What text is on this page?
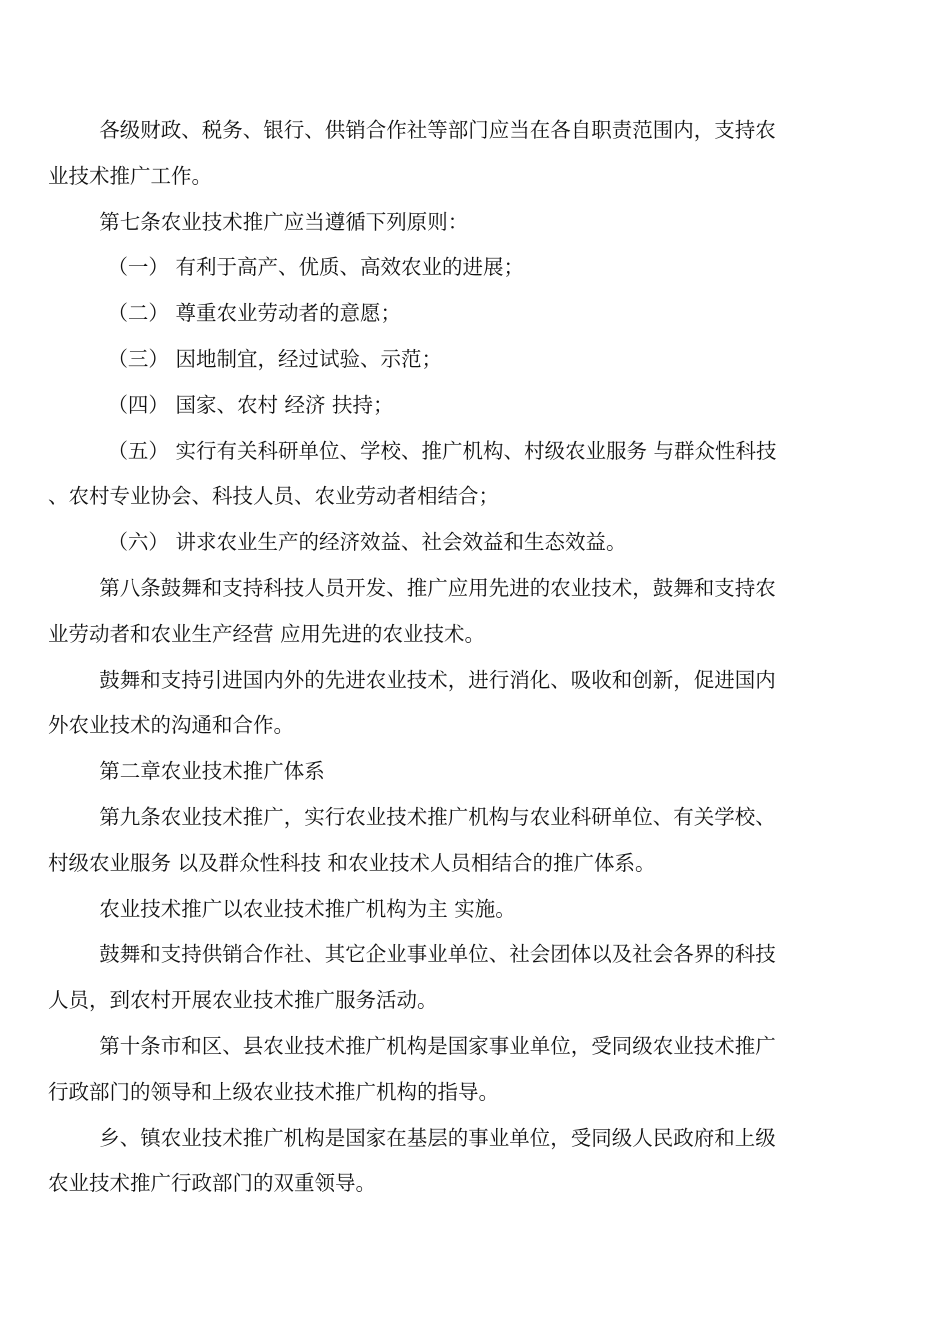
各级财政、税务、银行、供销合作社等部门应当在各自职责范围内，支持农
业技术推广工作。
第七条农业技术推广应当遵循下列原则：
（一） 有利于高产、优质、高效农业的进展；
（二） 尊重农业劳动者的意愿；
（三） 因地制宜，经过试验、示范；
（四） 国家、农村 经济 扶持；
（五） 实行有关科研单位、学校、推广机构、村级农业服务 与群众性科技
、农村专业协会、科技人员、农业劳动者相结合；
（六） 讲求农业生产的经济效益、社会效益和生态效益。
第八条鼓舞和支持科技人员开发、推广应用先进的农业技术，鼓舞和支持农
业劳动者和农业生产经营 应用先进的农业技术。
鼓舞和支持引进国内外的先进农业技术，进行消化、吸收和创新，促进国内
外农业技术的沟通和合作。
第二章农业技术推广体系
第九条农业技术推广，实行农业技术推广机构与农业科研单位、有关学校、
村级农业服务 以及群众性科技 和农业技术人员相结合的推广体系。
农业技术推广以农业技术推广机构为主 实施。
鼓舞和支持供销合作社、其它企业事业单位、社会团体以及社会各界的科技
人员，到农村开展农业技术推广服务活动。
第十条市和区、县农业技术推广机构是国家事业单位，受同级农业技术推广
行政部门的领导和上级农业技术推广机构的指导。
乡、镇农业技术推广机构是国家在基层的事业单位，受同级人民政府和上级
农业技术推广行政部门的双重领导。
